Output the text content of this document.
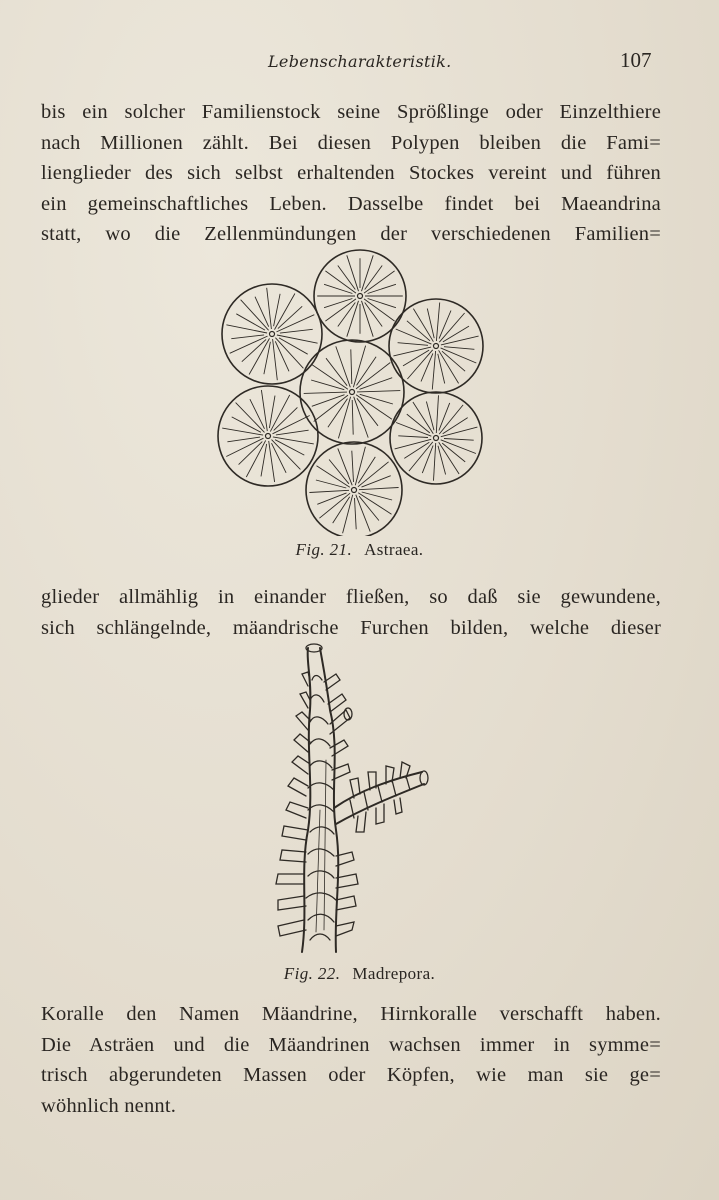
Lebenscharakteristik.	107

bis ein solcher Familienstock seine Sprößlinge oder Einzelthiere
nach Millionen zählt. Bei diesen Polypen bleiben die Fami=
lienglieder des sich selbst erhaltenden Stockes vereint und führen
ein gemeinschaftliches Leben. Dasselbe findet bei Maeandrina
statt, wo die Zellenmündungen der verschiedenen Familien=

Fig. 21. Astraea.

glieder allmählig in einander fließen, so daß sie gewundene,
sich schlängelnde, mäandrische Furchen bilden, welche dieser

Fig. 22. Madrepora.

Koralle den Namen Mäandrine, Hirnkoralle verschafft haben.
Die Asträen und die Mäandrinen wachsen immer in symme=
trisch abgerundeten Massen oder Köpfen, wie man sie ge=
wöhnlich nennt.
